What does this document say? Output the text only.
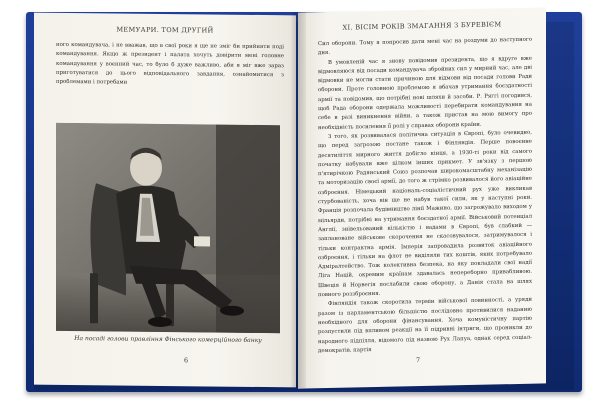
МЕМУАРИ. ТОМ ДРУГИЙ

ного командувача, і не вважав, що в свої роки я ще не зміг би прийняти поді командування. Якщо ж президент і палата хочуть довірити мені головне командування у воєнний час, то було б дуже важливо, аби я міг вже зараз приготуватися до цього відповідального завдання, ознайомитися з проблемами і потребами

На посаді голови правління Фінського комерційного банку
6
XI. ВІСІМ РОКІВ ЗМАГАННЯ З БУРЕВІЄМ

Сил оборони. Тому я попросив дати мені час на роздуми до наступного дня.

В умовленій час я знову повідомив президента, що я вдруге вже відмовляюся від посади командувача збройних сил у мирний час, але дві відмовки не могли стати причиною для відмови від посади голови Ради оборони. Проте головною проблемою я вбачав утримання боєздатності армії та повідомив, що потрібні нові шляхи й засоби. Р. Ряггі погодився, щоб Рада оборони одержала можливості перебирати командування на себе в разі виникнення війни, а також пристав на мою вимогу про необхідність посилення її ролі у справах оборони країни.

З того, як розвивалася політична ситуація в Європі, було очевидно, що перед загрозою постане також і Фінляндія. Перше повоєнне десятиліття мирного життя добігло кінця, а 1930-ті роки від самого початку набували вже цілком інших прикмет. У зв'язку з першою п'ятирічкою Радянський Союз розпочав широкомасштабну механізацію та моторизацію своєї армії, до того ж стрімко розвивалося його авіаційне озброєння. Німецький національ-соціалістичний рух уже викликав стурбованість, хоча він ще не набув такої сили, як у наступні роки. Франція розпочала будівництво лінії Мажино, що загрожувало виходом у мільярди, потрібні на утримання боєздатної армії. Військовий потенціал Англії, знівельований кількістю і вадами в Європі, був слабкий — заплановане військове скорочення не скасовувалося, затримувалося і тільки контрактна армія. Імперія запровадила розвиток авіаційного озброєння, і тільки на флот не виділяли тих коштів, яких потребувало Адміралтейство. Тож колективна безпека, на яку покладали свої надії Ліга Націй, окремим країнам здавалась непереборно привабливою. Швеція й Норвегія послабили свою оборону, а Данія стала на шлях повного роззброєння.

Фінляндія також скоротила термін військової повинності, а уряди разом із парламентською більшістю послідовно противилися наданню необхідного для оборони фінансування. Хоча комуністичну партію розпустили під впливом реакції на її підривні інтриги, що проникли до народного підпілля, відомого під назвою Рух Лапуа, однак серед соціал-демократів, партія

7
